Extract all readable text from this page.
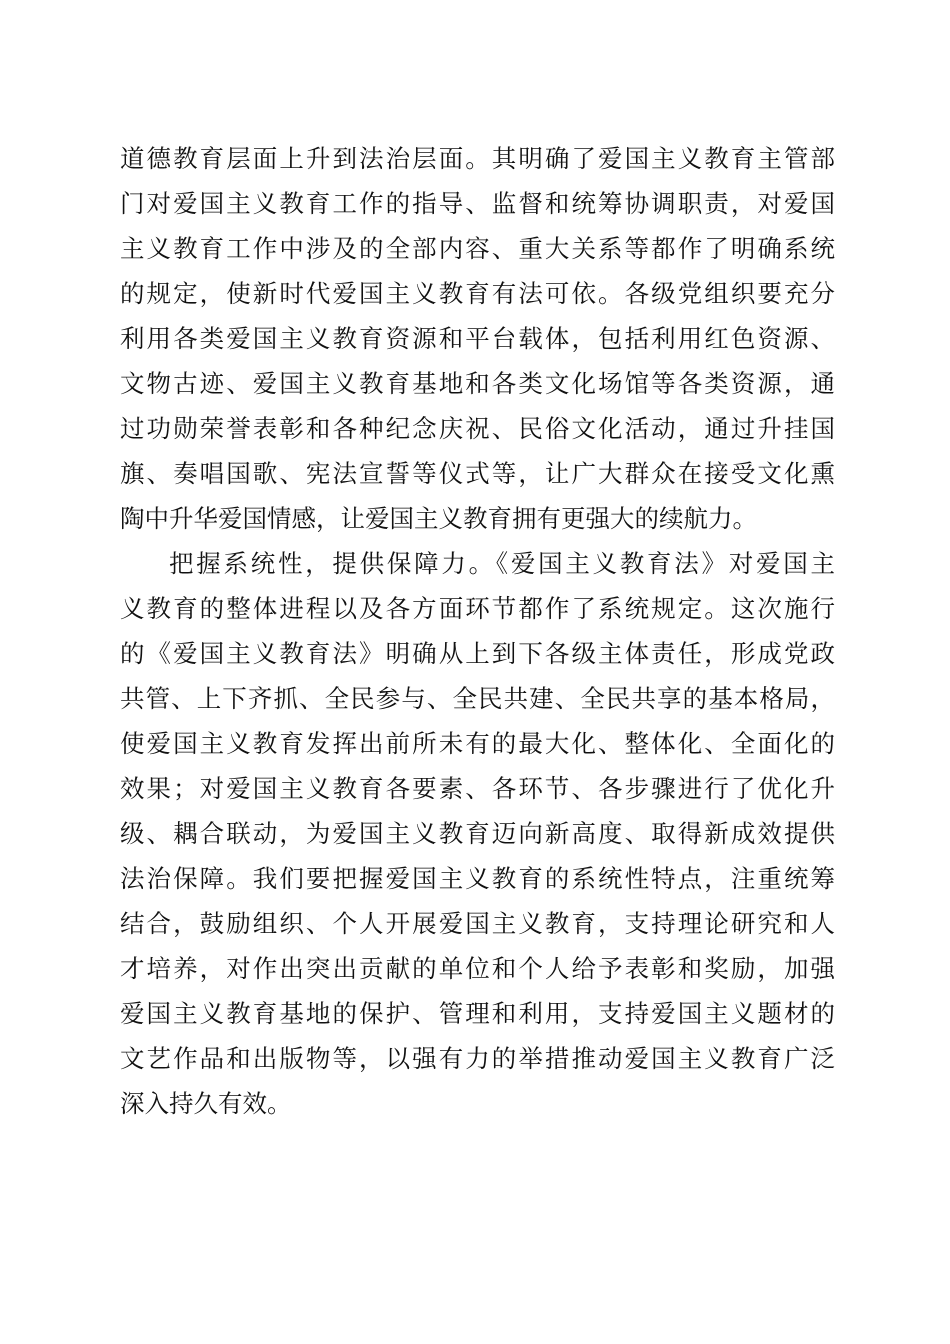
道德教育层面上升到法治层面。其明确了爱国主义教育主管部
门对爱国主义教育工作的指导、监督和统筹协调职责，对爱国
主义教育工作中涉及的全部内容、重大关系等都作了明确系统
的规定，使新时代爱国主义教育有法可依。各级党组织要充分
利用各类爱国主义教育资源和平台载体，包括利用红色资源、
文物古迹、爱国主义教育基地和各类文化场馆等各类资源，通
过功勋荣誉表彰和各种纪念庆祝、民俗文化活动，通过升挂国
旗、奏唱国歌、宪法宣誓等仪式等，让广大群众在接受文化熏
陶中升华爱国情感，让爱国主义教育拥有更强大的续航力。
把握系统性，提供保障力。《爱国主义教育法》对爱国主
义教育的整体进程以及各方面环节都作了系统规定。这次施行
的《爱国主义教育法》明确从上到下各级主体责任，形成党政
共管、上下齐抓、全民参与、全民共建、全民共享的基本格局，
使爱国主义教育发挥出前所未有的最大化、整体化、全面化的
效果；对爱国主义教育各要素、各环节、各步骤进行了优化升
级、耦合联动，为爱国主义教育迈向新高度、取得新成效提供
法治保障。我们要把握爱国主义教育的系统性特点，注重统筹
结合，鼓励组织、个人开展爱国主义教育，支持理论研究和人
才培养，对作出突出贡献的单位和个人给予表彰和奖励，加强
爱国主义教育基地的保护、管理和利用，支持爱国主义题材的
文艺作品和出版物等，以强有力的举措推动爱国主义教育广泛
深入持久有效。
